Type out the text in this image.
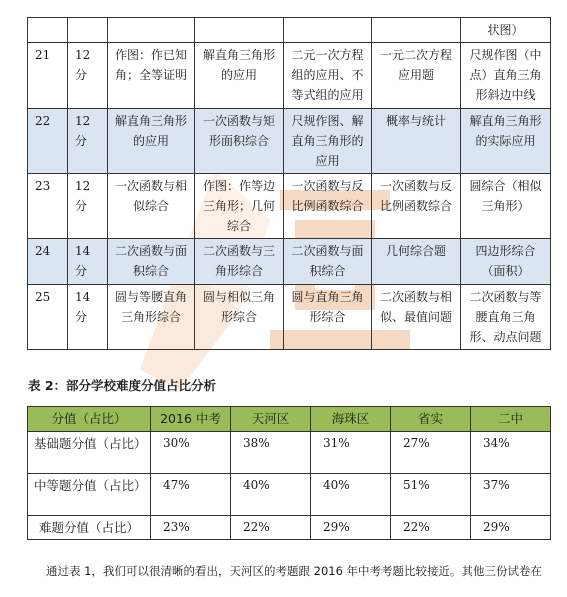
						状图）
21	12 分	作图：作已知角；全等证明	解直角三角形的应用	二元一次方程组的应用、不等式组的应用	一元二次方程应用题	尺规作图（中点）直角三角形斜边中线
22	12 分	解直角三角形的应用	一次函数与矩形面积综合	尺规作图、解直角三角形的应用	概率与统计	解直角三角形的实际应用
23	12 分	一次函数与相似综合	作图：作等边三角形；几何综合	一次函数与反比例函数综合	一次函数与反比例函数综合	圆综合（相似三角形）
24	14 分	二次函数与面积综合	二次函数与三角形综合	二次函数与面积综合	几何综合题	四边形综合（面积）
25	14 分	圆与等腰直角三角形综合	圆与相似三角形综合	圆与直角三角形综合	二次函数与相似、最值问题	二次函数与等腰直角三角形、动点问题
表 2：部分学校难度分值占比分析
分值（占比）	2016 中考	天河区	海珠区	省实	二中
基础题分值（占比）	30%	38%	31%	27%	34%
中等题分值（占比）	47%	40%	40%	51%	37%
难题分值（占比）	23%	22%	29%	22%	29%
通过表 1，我们可以很清晰的看出，天河区的考题跟 2016 年中考考题比较接近。其他三份试卷在
